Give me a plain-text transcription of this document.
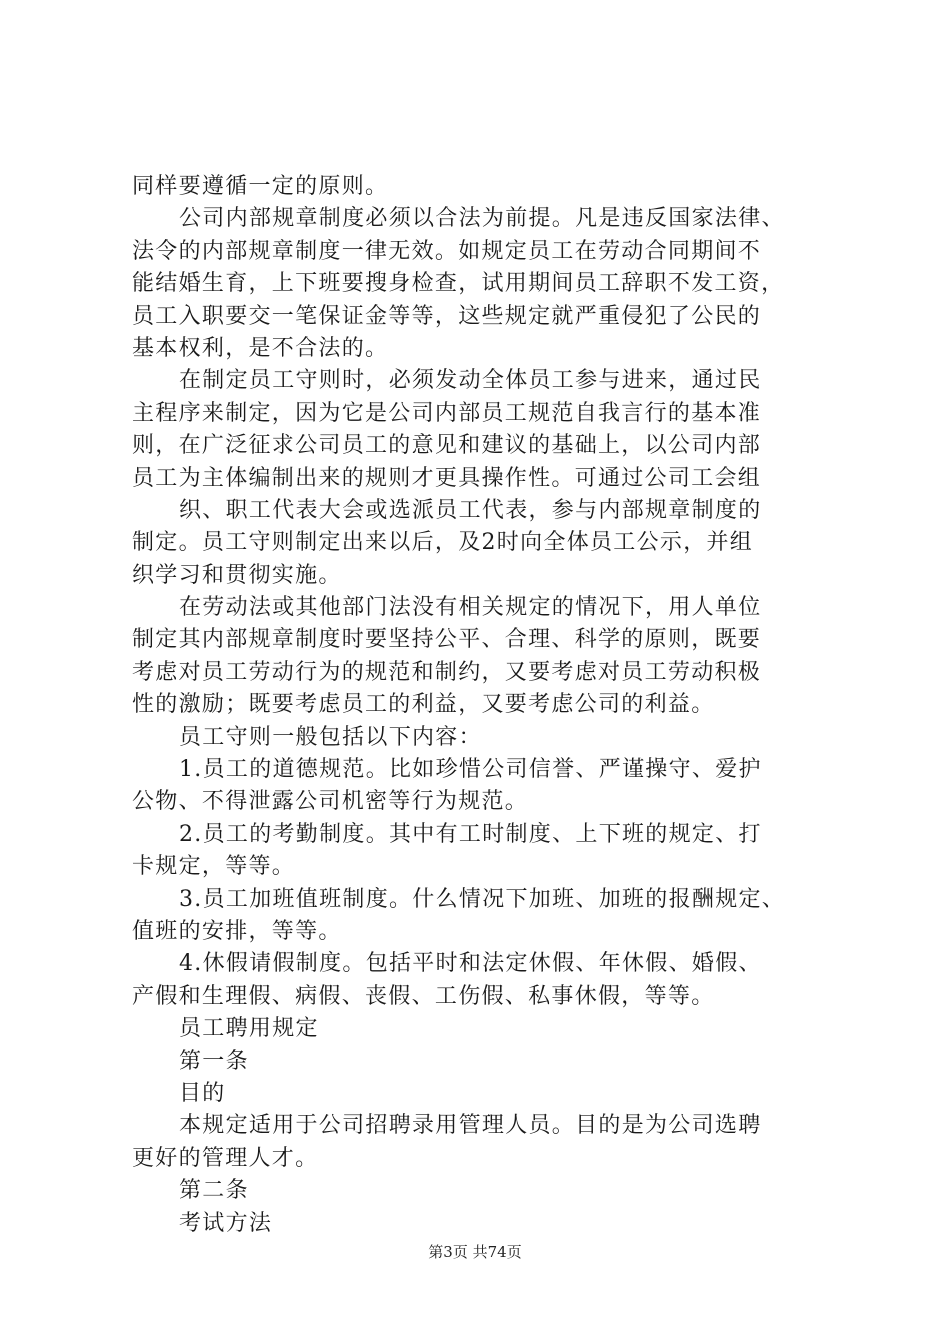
同样要遵循一定的原则。
公司内部规章制度必须以合法为前提。凡是违反国家法律、
法令的内部规章制度一律无效。如规定员工在劳动合同期间不
能结婚生育，上下班要搜身检查，试用期间员工辞职不发工资，
员工入职要交一笔保证金等等，这些规定就严重侵犯了公民的
基本权利，是不合法的。
在制定员工守则时，必须发动全体员工参与进来，通过民
主程序来制定，因为它是公司内部员工规范自我言行的基本准
则，在广泛征求公司员工的意见和建议的基础上，以公司内部
员工为主体编制出来的规则才更具操作性。可通过公司工会组
织、职工代表大会或选派员工代表，参与内部规章制度的
制定。员工守则制定出来以后，及2时向全体员工公示，并组
织学习和贯彻实施。
在劳动法或其他部门法没有相关规定的情况下，用人单位
制定其内部规章制度时要坚持公平、合理、科学的原则，既要
考虑对员工劳动行为的规范和制约，又要考虑对员工劳动积极
性的激励；既要考虑员工的利益，又要考虑公司的利益。
员工守则一般包括以下内容：
1.员工的道德规范。比如珍惜公司信誉、严谨操守、爱护
公物、不得泄露公司机密等行为规范。
2.员工的考勤制度。其中有工时制度、上下班的规定、打
卡规定，等等。
3.员工加班值班制度。什么情况下加班、加班的报酬规定、
值班的安排，等等。
4.休假请假制度。包括平时和法定休假、年休假、婚假、
产假和生理假、病假、丧假、工伤假、私事休假，等等。
员工聘用规定
第一条
目的
本规定适用于公司招聘录用管理人员。目的是为公司选聘
更好的管理人才。
第二条
考试方法
第3页 共74页
